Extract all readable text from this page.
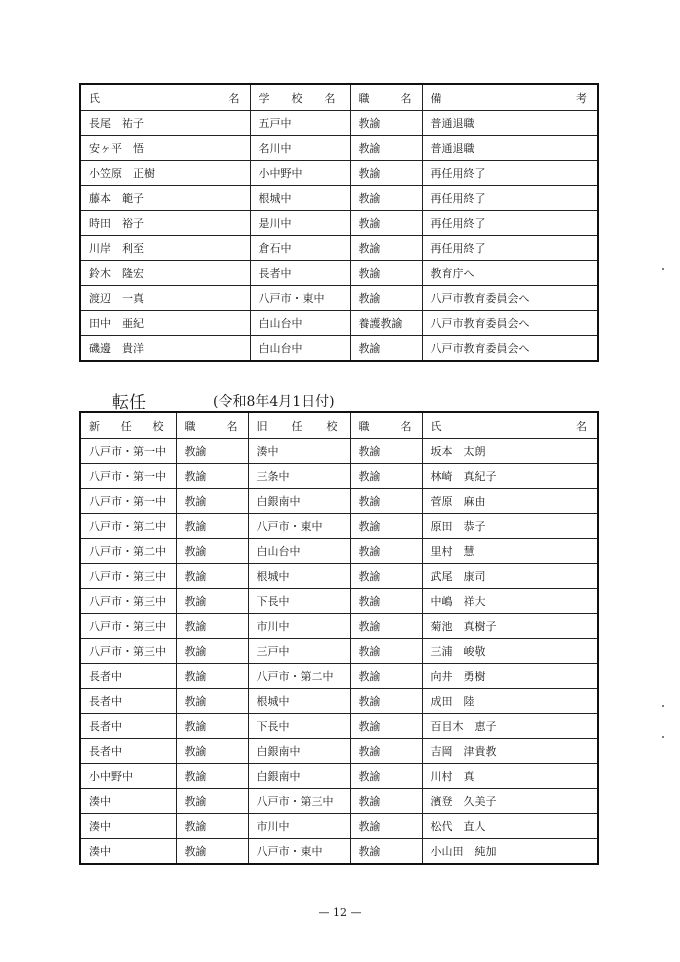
氏 名	学 校 名	職 名	備 考

長尾　祐子	五戸中	教諭	普通退職
安ヶ平　悟	名川中	教諭	普通退職
小笠原　正樹	小中野中	教諭	再任用終了
藤本　範子	根城中	教諭	再任用終了
時田　裕子	是川中	教諭	再任用終了
川岸　利至	倉石中	教諭	再任用終了
鈴木　隆宏	長者中	教諭	教育庁へ
渡辺　一真	八戸市・東中	教諭	八戸市教育委員会へ
田中　亜紀	白山台中	養護教諭	八戸市教育委員会へ
磯邊　貴洋	白山台中	教諭	八戸市教育委員会へ
転任	(令和8年4月1日付)
新 任 校	職 名	旧 任 校	職 名	氏 名

八戸市・第一中	教諭	湊中	教諭	坂本　太朗
八戸市・第一中	教諭	三条中	教諭	林崎　真紀子
八戸市・第一中	教諭	白銀南中	教諭	菅原　麻由
八戸市・第二中	教諭	八戸市・東中	教諭	原田　恭子
八戸市・第二中	教諭	白山台中	教諭	里村　慧
八戸市・第三中	教諭	根城中	教諭	武尾　康司
八戸市・第三中	教諭	下長中	教諭	中嶋　祥大
八戸市・第三中	教諭	市川中	教諭	菊池　真樹子
八戸市・第三中	教諭	三戸中	教諭	三浦　峻敬
長者中	教諭	八戸市・第二中	教諭	向井　勇樹
長者中	教諭	根城中	教諭	成田　陸
長者中	教諭	下長中	教諭	百目木　恵子
長者中	教諭	白銀南中	教諭	吉岡　津貴教
小中野中	教諭	白銀南中	教諭	川村　真
湊中	教諭	八戸市・第三中	教諭	濱登　久美子
湊中	教諭	市川中	教諭	松代　直人
湊中	教諭	八戸市・東中	教諭	小山田　純加
— 12 —
